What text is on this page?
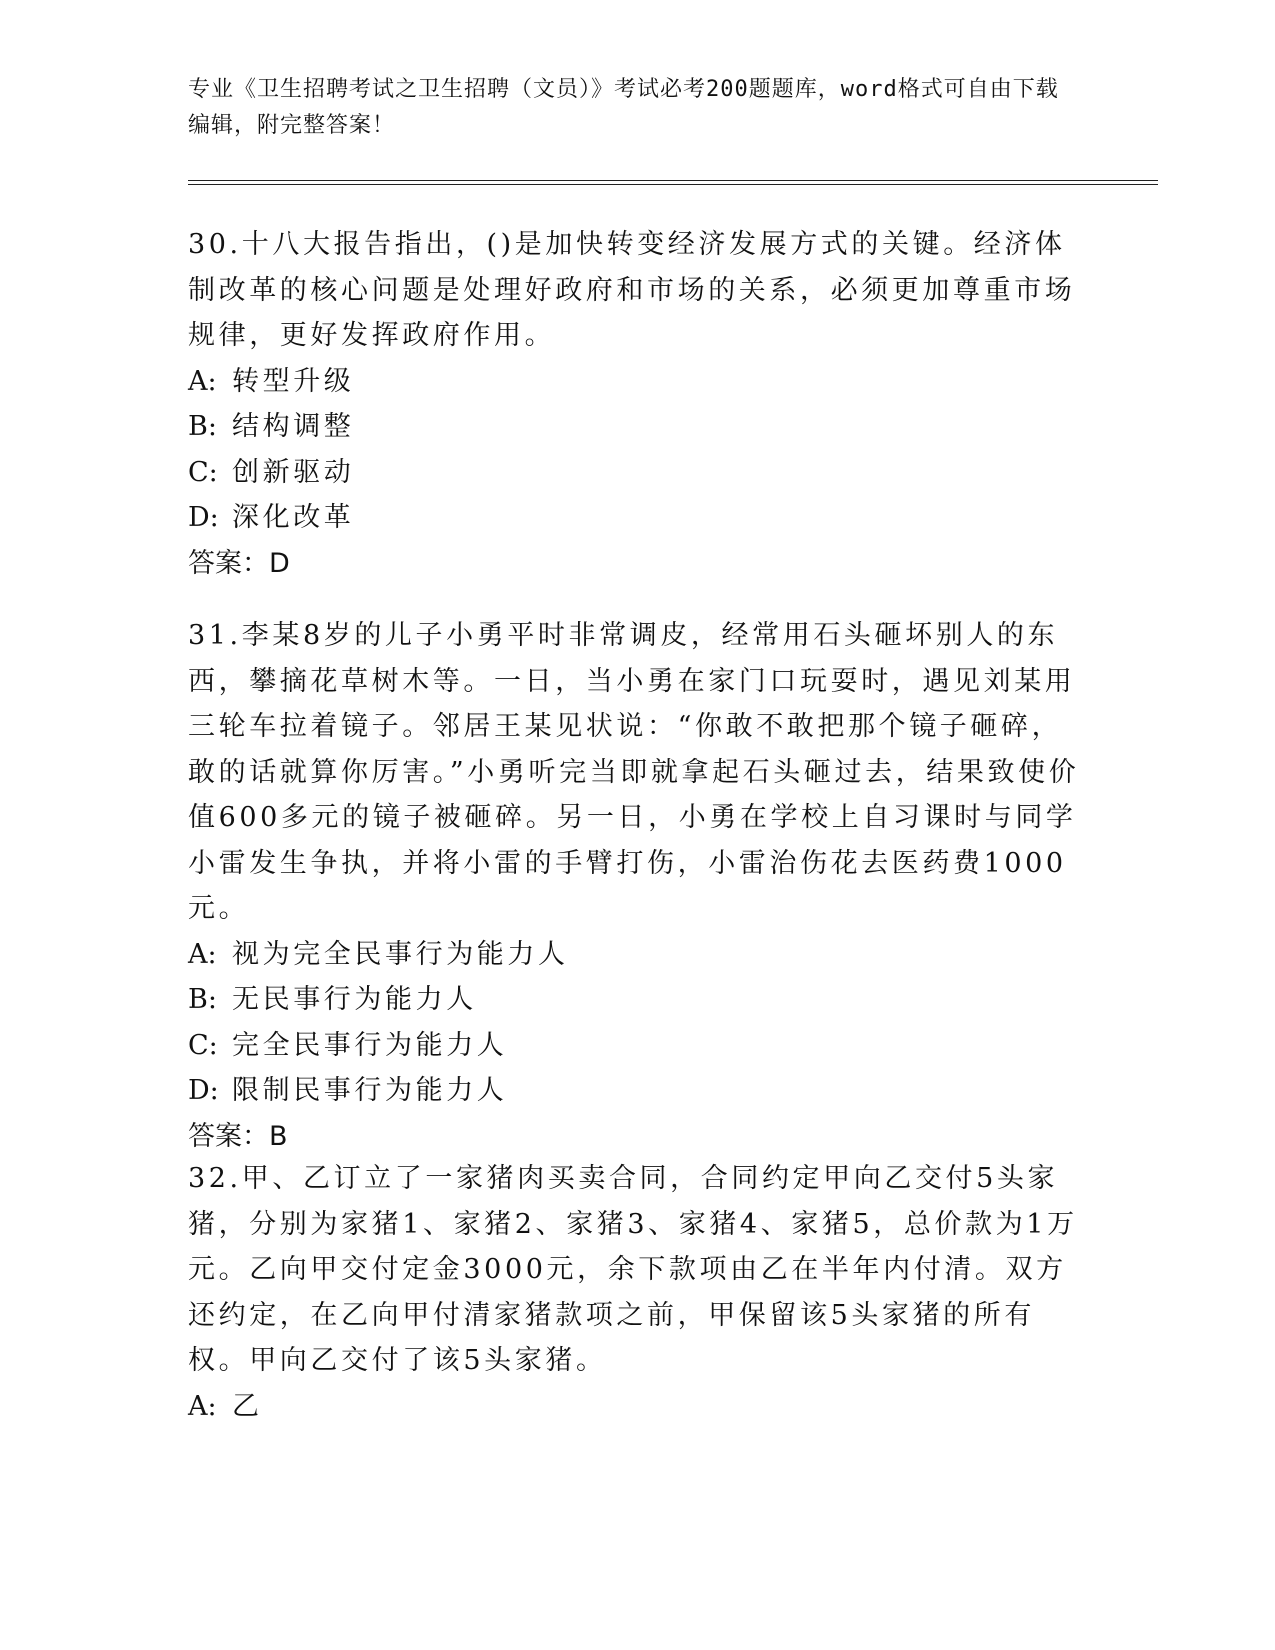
专业《卫生招聘考试之卫生招聘（文员）》考试必考200题题库，word格式可自由下载编辑，附完整答案！

30.十八大报告指出，()是加快转变经济发展方式的关键。经济体制改革的核心问题是处理好政府和市场的关系，必须更加尊重市场规律，更好发挥政府作用。

A: 转型升级

B: 结构调整

C: 创新驱动

D: 深化改革

答案：D

31.李某8岁的儿子小勇平时非常调皮，经常用石头砸坏别人的东西，攀摘花草树木等。一日，当小勇在家门口玩耍时，遇见刘某用三轮车拉着镜子。邻居王某见状说：“你敢不敢把那个镜子砸碎，敢的话就算你厉害。”小勇听完当即就拿起石头砸过去，结果致使价值600多元的镜子被砸碎。另一日，小勇在学校上自习课时与同学小雷发生争执，并将小雷的手臂打伤，小雷治伤花去医药费1000元。

A: 视为完全民事行为能力人

B: 无民事行为能力人

C: 完全民事行为能力人

D: 限制民事行为能力人

答案：B

32.甲、乙订立了一家猪肉买卖合同，合同约定甲向乙交付5头家猪，分别为家猪1、家猪2、家猪3、家猪4、家猪5，总价款为1万元。乙向甲交付定金3000元，余下款项由乙在半年内付清。双方还约定，在乙向甲付清家猪款项之前，甲保留该5头家猪的所有权。甲向乙交付了该5头家猪。

A: 乙
